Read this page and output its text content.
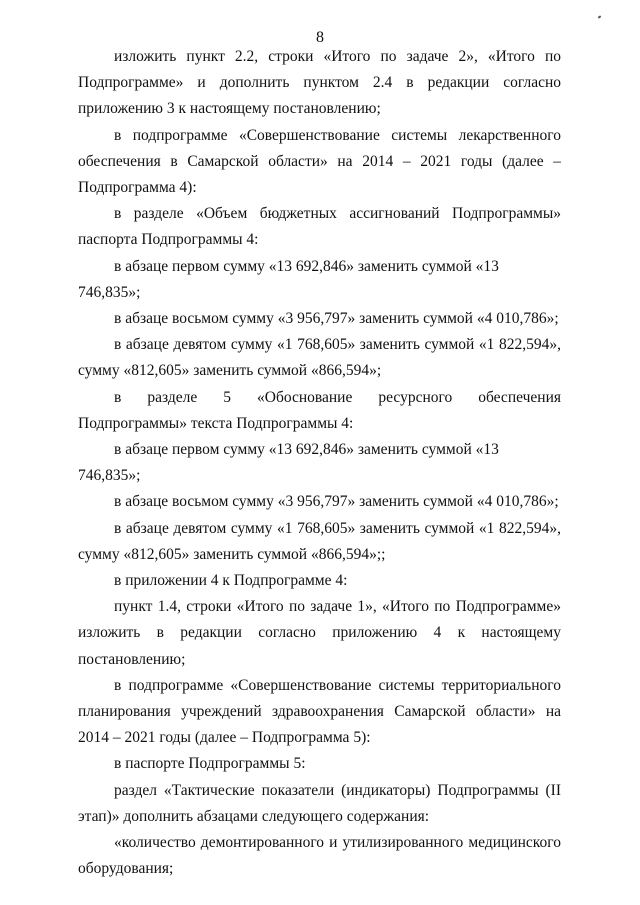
8

изложить пункт 2.2, строки «Итого по задаче 2», «Итого по Подпрограмме» и дополнить пунктом 2.4 в редакции согласно приложению 3 к настоящему постановлению;

в подпрограмме «Совершенствование системы лекарственного обеспечения в Самарской области» на 2014 – 2021 годы (далее – Подпрограмма 4):

в разделе «Объем бюджетных ассигнований Подпрограммы» паспорта Подпрограммы 4:

в абзаце первом сумму «13 692,846» заменить суммой «13 746,835»;

в абзаце восьмом сумму «3 956,797» заменить суммой «4 010,786»;

в абзаце девятом сумму «1 768,605» заменить суммой «1 822,594», сумму «812,605» заменить суммой «866,594»;

в разделе 5 «Обоснование ресурсного обеспечения Подпрограммы» текста Подпрограммы 4:

в абзаце первом сумму «13 692,846» заменить суммой «13 746,835»;

в абзаце восьмом сумму «3 956,797» заменить суммой «4 010,786»;

в абзаце девятом сумму «1 768,605» заменить суммой «1 822,594», сумму «812,605» заменить суммой «866,594»;;

в приложении 4 к Подпрограмме 4:

пункт 1.4, строки «Итого по задаче 1», «Итого по Подпрограмме» изложить в редакции согласно приложению 4 к настоящему постановлению;

в подпрограмме «Совершенствование системы территориального планирования учреждений здравоохранения Самарской области» на 2014 – 2021 годы (далее – Подпрограмма 5):

в паспорте Подпрограммы 5:

раздел «Тактические показатели (индикаторы) Подпрограммы (II этап)» дополнить абзацами следующего содержания:

«количество демонтированного и утилизированного медицинского оборудования;
